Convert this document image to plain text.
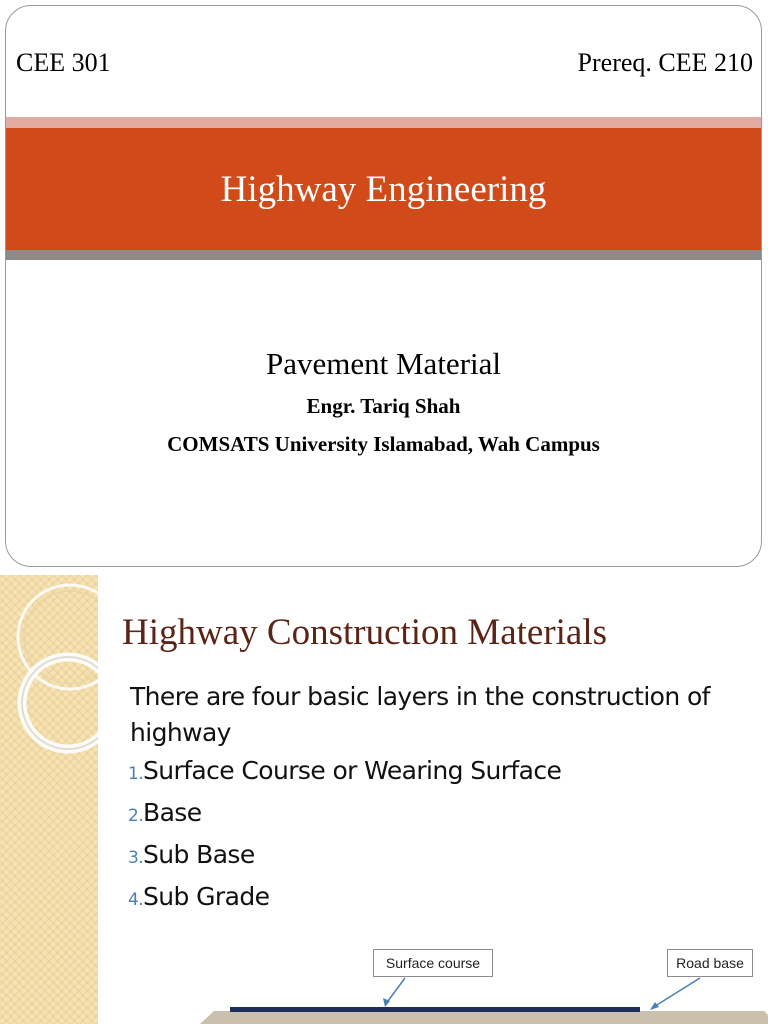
CEE 301	Prereq. CEE 210
Highway Engineering
Pavement Material
Engr. Tariq Shah
COMSATS University Islamabad, Wah Campus
Highway Construction Materials
There are four basic layers in the construction of highway
1. Surface Course or Wearing Surface
2. Base
3. Sub Base
4. Sub Grade
Surface course	Road base
